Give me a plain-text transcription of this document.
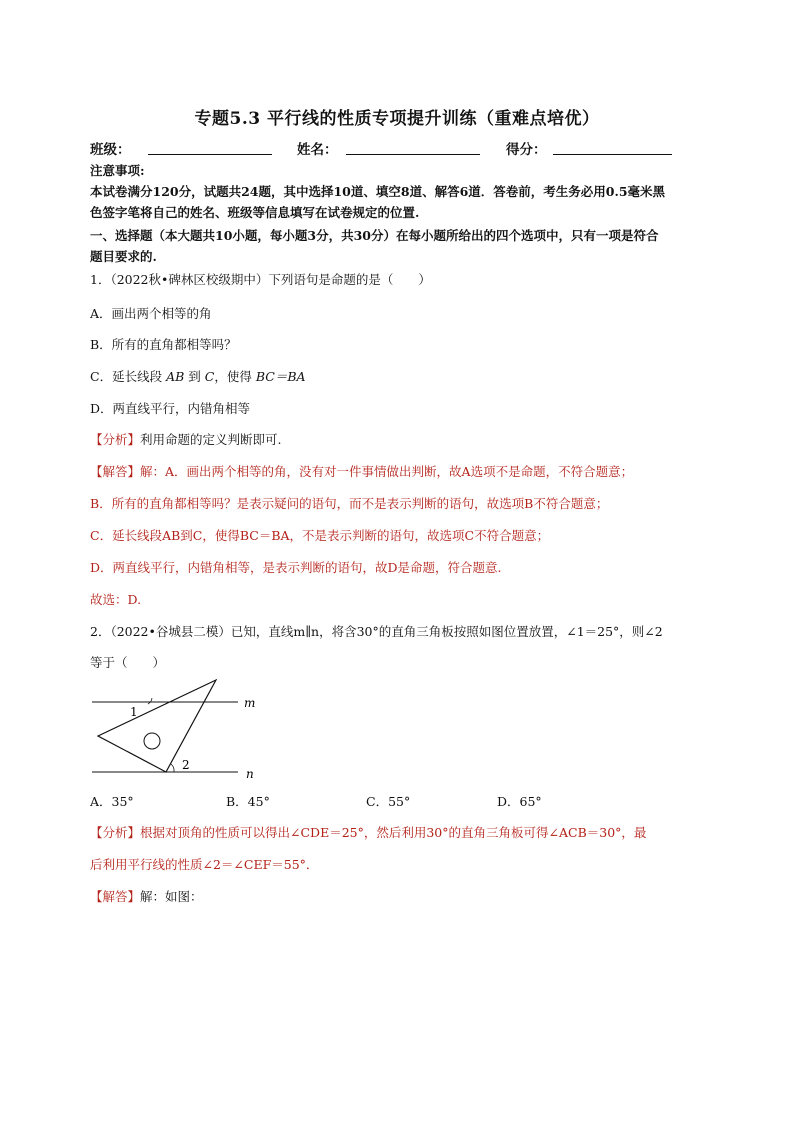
专题5.3 平行线的性质专项提升训练（重难点培优）
班级：	姓名：	得分：
注意事项:
本试卷满分120分，试题共24题，其中选择10道、填空8道、解答6道．答卷前，考生务必用0.5毫米黑
色签字笔将自己的姓名、班级等信息填写在试卷规定的位置.
一、选择题（本大题共10小题，每小题3分，共30分）在每小题所给出的四个选项中，只有一项是符合
题目要求的.
1．（2022秋•碑林区校级期中）下列语句是命题的是（　　）
A．画出两个相等的角
B．所有的直角都相等吗？
C．延长线段 AB 到 C，使得 BC＝BA
D．两直线平行，内错角相等
【分析】利用命题的定义判断即可.
【解答】解：A．画出两个相等的角，没有对一件事情做出判断，故A选项不是命题，不符合题意；
B．所有的直角都相等吗？是表示疑问的语句，而不是表示判断的语句，故选项B不符合题意；
C．延长线段AB到C，使得BC＝BA，不是表示判断的语句，故选项C不符合题意；
D．两直线平行，内错角相等，是表示判断的语句，故D是命题，符合题意.
故选：D.
2．（2022•谷城县二模）已知，直线m∥n，将含30°的直角三角板按照如图位置放置，∠1＝25°，则∠2
等于（　　）
1
2
m
n
A．35°	B．45°	C．55°	D．65°
【分析】根据对顶角的性质可以得出∠CDE＝25°，然后利用30°的直角三角板可得∠ACB＝30°，最
后利用平行线的性质∠2＝∠CEF＝55°．
【解答】解：如图：
